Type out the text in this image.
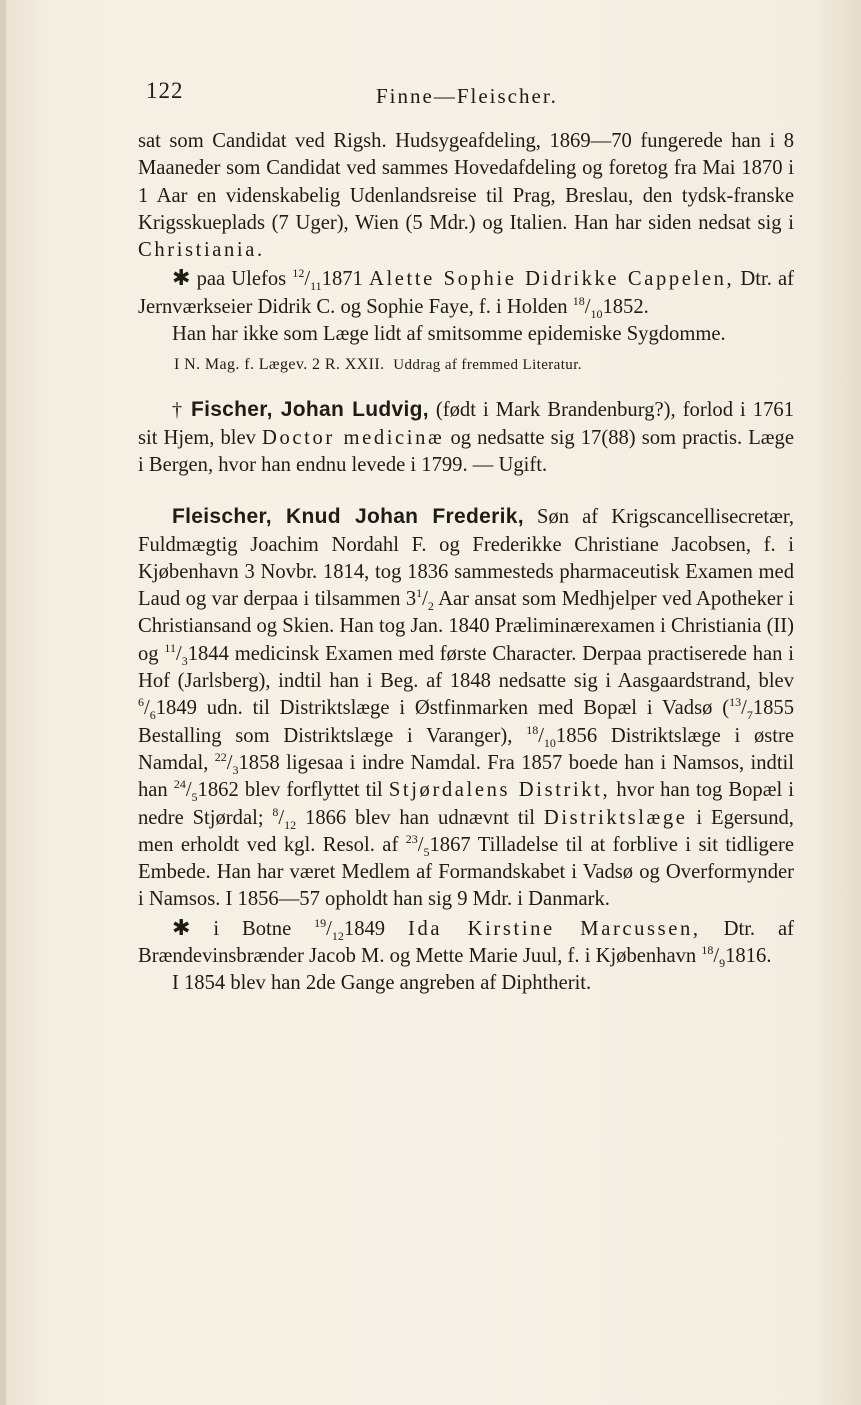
122	Finne—Fleischer.

sat som Candidat ved Rigsh. Hudsygeafdeling, 1869—70 fungerede han i 8 Maaneder som Candidat ved sammes Hovedafdeling og foretog fra Mai 1870 i 1 Aar en videnskabelig Udenlandsreise til Prag, Breslau, den tydsk-franske Krigsskueplads (7 Uger), Wien (5 Mdr.) og Italien. Han har siden nedsat sig i Christiania.

✱ paa Ulefos $^{12}/_{11}1871$ Alette Sophie Didrikke Cappelen, Dtr. af Jernværkseier Didrik C. og Sophie Faye, f. i Holden $^{18}/_{10}1852$.

Han har ikke som Læge lidt af smitsomme epidemiske Sygdomme.

I N. Mag. f. Lægev. 2 R. XXII. Uddrag af fremmed Literatur.

† Fischer, Johan Ludvig, (født i Mark Brandenburg?), forlod i 1761 sit Hjem, blev Doctor medicinæ og nedsatte sig 17(88) som practis. Læge i Bergen, hvor han endnu levede i 1799. — Ugift.

Fleischer, Knud Johan Frederik, Søn af Krigscancellisecretær, Fuldmægtig Joachim Nordahl F. og Frederikke Christiane Jacobsen, f. i Kjøbenhavn 3 Novbr. 1814, tog 1836 sammesteds pharmaceutisk Examen med Laud og var derpaa i tilsammen $3^1/_2$ Aar ansat som Medhjelper ved Apotheker i Christiansand og Skien. Han tog Jan. 1840 Præliminærexamen i Christiania (II) og $^{11}/_31844$ medicinsk Examen med første Character. Derpaa practiserede han i Hof (Jarlsberg), indtil han i Beg. af 1848 nedsatte sig i Aasgaardstrand, blev $^6/_61849$ udn. til Distriktslæge i Østfinmarken med Bopæl i Vadsø ($^{13}/_71855$ Bestalling som Distriktslæge i Varanger), $^{18}/_{10}1856$ Distriktslæge i østre Namdal, $^{22}/_31858$ ligesaa i indre Namdal. Fra 1857 boede han i Namsos, indtil han $^{24}/_51862$ blev forflyttet til Stjørdalens Distrikt, hvor han tog Bopæl i nedre Stjørdal; $^8/_{12}$ 1866 blev han udnævnt til Distriktslæge i Egersund, men erholdt ved kgl. Resol. af $^{23}/_51867$ Tilladelse til at forblive i sit tidligere Embede. Han har været Medlem af Formandskabet i Vadsø og Overformynder i Namsos. I 1856—57 opholdt han sig 9 Mdr. i Danmark.

✱ i Botne $^{19}/_{12}1849$ Ida Kirstine Marcussen, Dtr. af Brændevinsbrænder Jacob M. og Mette Marie Juul, f. i Kjøbenhavn $^{18}/_91816$.

I 1854 blev han 2de Gange angreben af Diphtherit.
